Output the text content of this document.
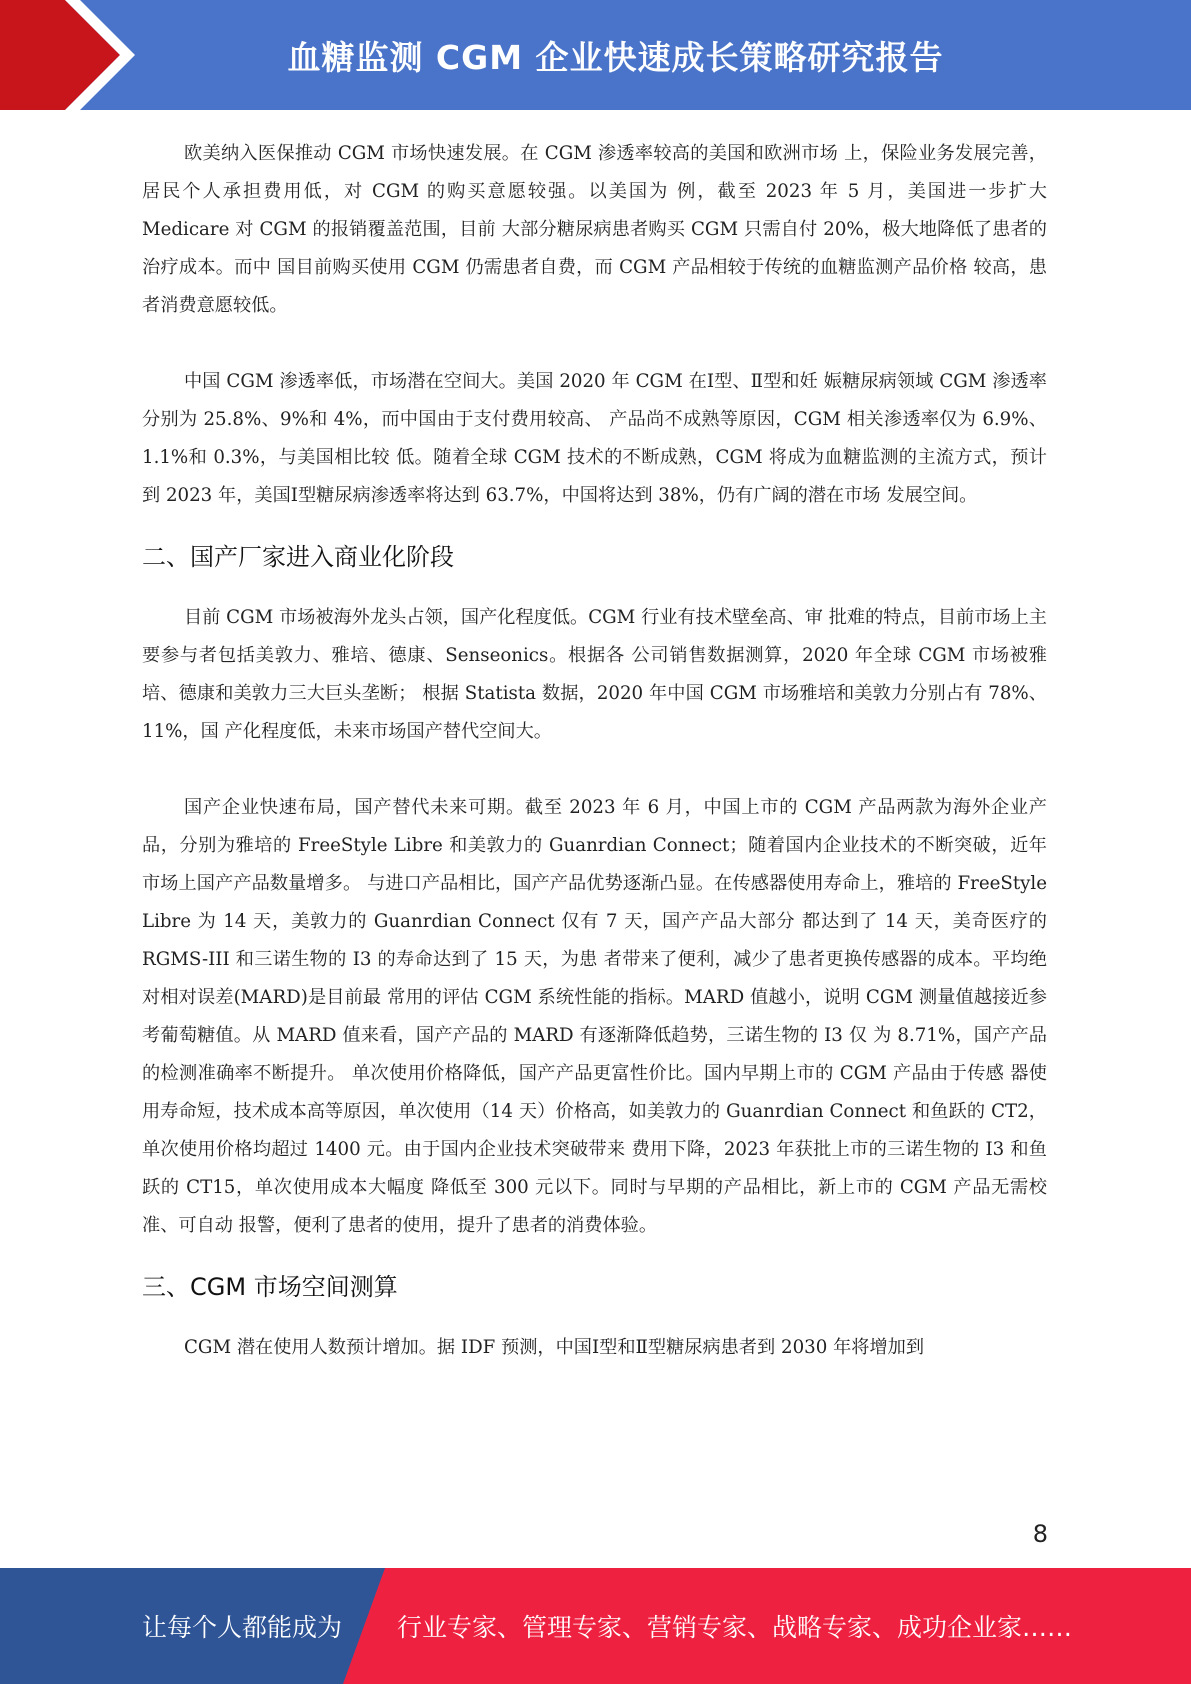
血糖监测 CGM 企业快速成长策略研究报告

欧美纳入医保推动 CGM 市场快速发展。在 CGM 渗透率较高的美国和欧洲市场 上，保险业务发展完善，居民个人承担费用低，对 CGM 的购买意愿较强。以美国为 例，截至 2023 年 5 月，美国进一步扩大 Medicare 对 CGM 的报销覆盖范围，目前 大部分糖尿病患者购买 CGM 只需自付 20%，极大地降低了患者的治疗成本。而中 国目前购买使用 CGM 仍需患者自费，而 CGM 产品相较于传统的血糖监测产品价格 较高，患者消费意愿较低。

中国 CGM 渗透率低，市场潜在空间大。美国 2020 年 CGM 在Ⅰ型、Ⅱ型和妊 娠糖尿病领域 CGM 渗透率分别为 25.8%、9%和 4%，而中国由于支付费用较高、 产品尚不成熟等原因，CGM 相关渗透率仅为 6.9%、1.1%和 0.3%，与美国相比较 低。随着全球 CGM 技术的不断成熟，CGM 将成为血糖监测的主流方式，预计到 2023 年，美国Ⅰ型糖尿病渗透率将达到 63.7%，中国将达到 38%，仍有广阔的潜在市场 发展空间。

二、国产厂家进入商业化阶段

目前 CGM 市场被海外龙头占领，国产化程度低。CGM 行业有技术壁垒高、审 批难的特点，目前市场上主要参与者包括美敦力、雅培、德康、Senseonics。根据各 公司销售数据测算，2020 年全球 CGM 市场被雅培、德康和美敦力三大巨头垄断； 根据 Statista 数据，2020 年中国 CGM 市场雅培和美敦力分别占有 78%、11%，国 产化程度低，未来市场国产替代空间大。

国产企业快速布局，国产替代未来可期。截至 2023 年 6 月，中国上市的 CGM 产品两款为海外企业产品，分别为雅培的 FreeStyle Libre 和美敦力的 Guanrdian Connect；随着国内企业技术的不断突破，近年市场上国产产品数量增多。 与进口产品相比，国产产品优势逐渐凸显。在传感器使用寿命上，雅培的 FreeStyle Libre 为 14 天，美敦力的 Guanrdian Connect 仅有 7 天，国产产品大部分 都达到了 14 天，美奇医疗的 RGMS-III 和三诺生物的 I3 的寿命达到了 15 天，为患 者带来了便利，减少了患者更换传感器的成本。平均绝对相对误差(MARD)是目前最 常用的评估 CGM 系统性能的指标。MARD 值越小，说明 CGM 测量值越接近参考葡萄糖值。从 MARD 值来看，国产产品的 MARD 有逐渐降低趋势，三诺生物的 I3 仅 为 8.71%，国产产品的检测准确率不断提升。 单次使用价格降低，国产产品更富性价比。国内早期上市的 CGM 产品由于传感 器使用寿命短，技术成本高等原因，单次使用（14 天）价格高，如美敦力的 Guanrdian Connect 和鱼跃的 CT2，单次使用价格均超过 1400 元。由于国内企业技术突破带来 费用下降，2023 年获批上市的三诺生物的 I3 和鱼跃的 CT15，单次使用成本大幅度 降低至 300 元以下。同时与早期的产品相比，新上市的 CGM 产品无需校准、可自动 报警，便利了患者的使用，提升了患者的消费体验。

三、CGM 市场空间测算

CGM 潜在使用人数预计增加。据 IDF 预测，中国Ⅰ型和Ⅱ型糖尿病患者到 2030 年将增加到

8
让每个人都能成为 行业专家、管理专家、营销专家、战略专家、成功企业家……
